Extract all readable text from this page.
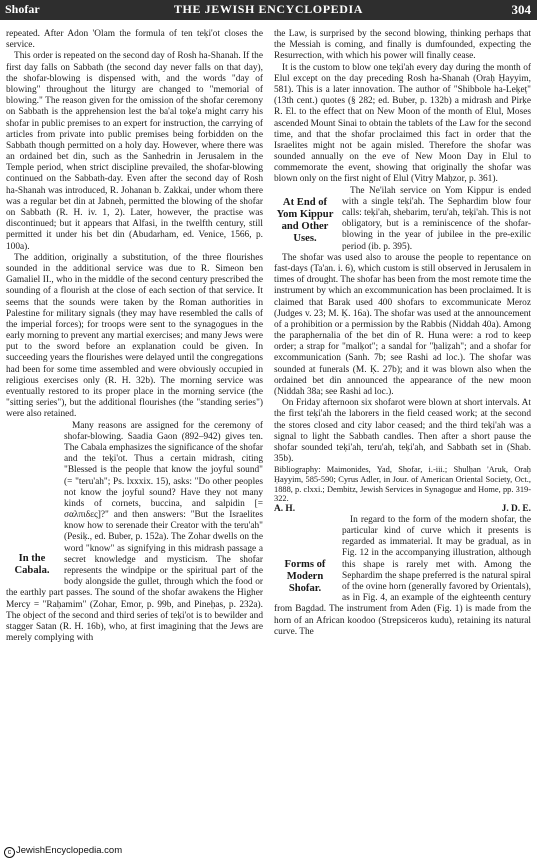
Shofar	THE JEWISH ENCYCLOPEDIA	304

repeated. After Adon 'Olam the formula of ten teḳi'ot closes the service.

This order is repeated on the second day of Rosh ha-Shanah. If the first day falls on Sabbath (the second day never falls on that day), the shofar-blowing is dispensed with, and the words "day of blowing" throughout the liturgy are changed to "memorial of blowing." The reason given for the omission of the shofar ceremony on Sabbath is the apprehension lest the ba'al toḳe'a might carry his shofar in public premises to an expert for instruction, the carrying of articles from private into public premises being forbidden on the Sabbath though permitted on a holy day. However, where there was an ordained bet din, such as the Sanhedrin in Jerusalem in the Temple period, when strict discipline prevailed, the shofar-blowing continued on the Sabbath-day. Even after the second day of Rosh ha-Shanah was introduced, R. Johanan b. Zakkai, under whom there was a regular bet din at Jabneh, permitted the blowing of the shofar on Sabbath (R. H. iv. 1, 2). Later, however, the practise was discontinued; but it appears that Alfasi, in the twelfth century, still permitted it under his bet din (Abudarham, ed. Venice, 1566, p. 100a).

The addition, originally a substitution, of the three flourishes sounded in the additional service was due to R. Simeon ben Gamaliel II., who in the middle of the second century prescribed the sounding of a flourish at the close of each section of that service. It seems that the sounds were taken by the Roman authorities in Palestine for military signals (they may have resembled the calls of the imperial forces); for troops were sent to the synagogues in the early morning to prevent any martial exercises; and many Jews were put to the sword before an explanation could be given. In succeeding years the flourishes were delayed until the congregations had been for some time assembled and were obviously occupied in religious exercises only (R. H. 32b). The morning service was eventually restored to its proper place in the morning service (the "sitting series"), but the additional flourishes (the "standing series") were also retained.

In the Cabala.

Many reasons are assigned for the ceremony of shofar-blowing. Saadia Gaon (892–942) gives ten. The Cabala emphasizes the significance of the shofar and the teḳi'ot. Thus a certain midrash, citing "Blessed is the people that know the joyful sound" (= "teru'ah"; Ps. lxxxix. 15), asks: "Do other peoples not know the joyful sound? Have they not many kinds of cornets, buccina, and salpidin [= σαλπιδες]?" and then answers: "But the Israelites know how to serenade their Creator with the teru'ah" (Pesiḳ., ed. Buber, p. 152a). The Zohar dwells on the word "know" as signifying in this midrash passage a secret knowledge and mysticism. The shofar represents the windpipe or the spiritual part of the body alongside the gullet, through which the food or the earthly part passes. The sound of the shofar awakens the Higher Mercy = "Raḥamim" (Zohar, Emor, p. 99b, and Pineḥas, p. 232a). The object of the second and third series of teḳi'ot is to bewilder and stagger Satan (R. H. 16b), who, at first imagining that the Jews are merely complying with

the Law, is surprised by the second blowing, thinking perhaps that the Messiah is coming, and finally is dumfounded, expecting the Resurrection, with which his power will finally cease.

It is the custom to blow one teḳi'ah every day during the month of Elul except on the day preceding Rosh ha-Shanah (Oraḥ Ḥayyim, 581). This is a later innovation. The author of "Shibbole ha-Leḳeṭ" (13th cent.) quotes (§ 282; ed. Buber, p. 132b) a midrash and Pirḳe R. El. to the effect that on New Moon of the month of Elul, Moses ascended Mount Sinai to obtain the tablets of the Law for the second time, and that the shofar proclaimed this fact in order that the Israelites might not be again misled. Therefore the shofar was sounded annually on the eve of New Moon Day in Elul to commemorate the event, showing that originally the shofar was blown only on the first night of Elul (Vitry Maḥzor, p. 361).

At End of Yom Kippur and Other Uses.

The Ne'ilah service on Yom Kippur is ended with a single teḳi'ah. The Sephardim blow four calls: teḳi'ah, shebarim, teru'ah, teḳi'ah. This is not obligatory, but is a reminiscence of the shofar-blowing in the year of jubilee in the pre-exilic period (ib. p. 395).

The shofar was used also to arouse the people to repentance on fast-days (Ta'an. i. 6), which custom is still observed in Jerusalem in times of drought. The shofar has been from the most remote time the instrument by which an excommunication has been proclaimed. It is claimed that Barak used 400 shofars to excommunicate Meroz (Judges v. 23; M. Ḳ. 16a). The shofar was used at the announcement of a prohibition or a permission by the Rabbis (Niddah 40a). Among the paraphernalia of the bet din of R. Huna were: a rod to keep order; a strap for "malḳot"; a sandal for "ḥaliẓah"; and a shofar for excommunication (Sanh. 7b; see Rashi ad loc.). The shofar was sounded at funerals (M. Ḳ. 27b); and it was blown also when the ordained bet din announced the appearance of the new moon (Niddah 38a; see Rashi ad loc.).

On Friday afternoon six shofarot were blown at short intervals. At the first teḳi'ah the laborers in the field ceased work; at the second the stores closed and city labor ceased; and the third teḳi'ah was a signal to light the Sabbath candles. Then after a short pause the shofar sounded teḳi'ah, teru'ah, teḳi'ah, and Sabbath set in (Shab. 35b).

Bibliography: Maimonides, Yad, Shofar, i.-iii.; Shulḥan 'Aruk, Oraḥ Ḥayyim, 585-590; Cyrus Adler, in Jour. of American Oriental Society, Oct., 1888, p. clxxi.; Dembitz, Jewish Services in Synagogue and Home, pp. 319-322.

A. H.	J. D. E.
Forms of Modern Shofar.

In regard to the form of the modern shofar, the particular kind of curve which it presents is regarded as immaterial. It may be gradual, as in Fig. 12 in the accompanying illustration, although this shape is rarely met with. Among the Sephardim the shape preferred is the natural spiral of the ovine horn (generally favored by Orientals), as in Fig. 4, an example of the eighteenth century from Bagdad. The instrument from Aden (Fig. 1) is made from the horn of an African koodoo (Strepsiceros kudu), retaining its natural curve. The

c JewishEncyclopedia.com
